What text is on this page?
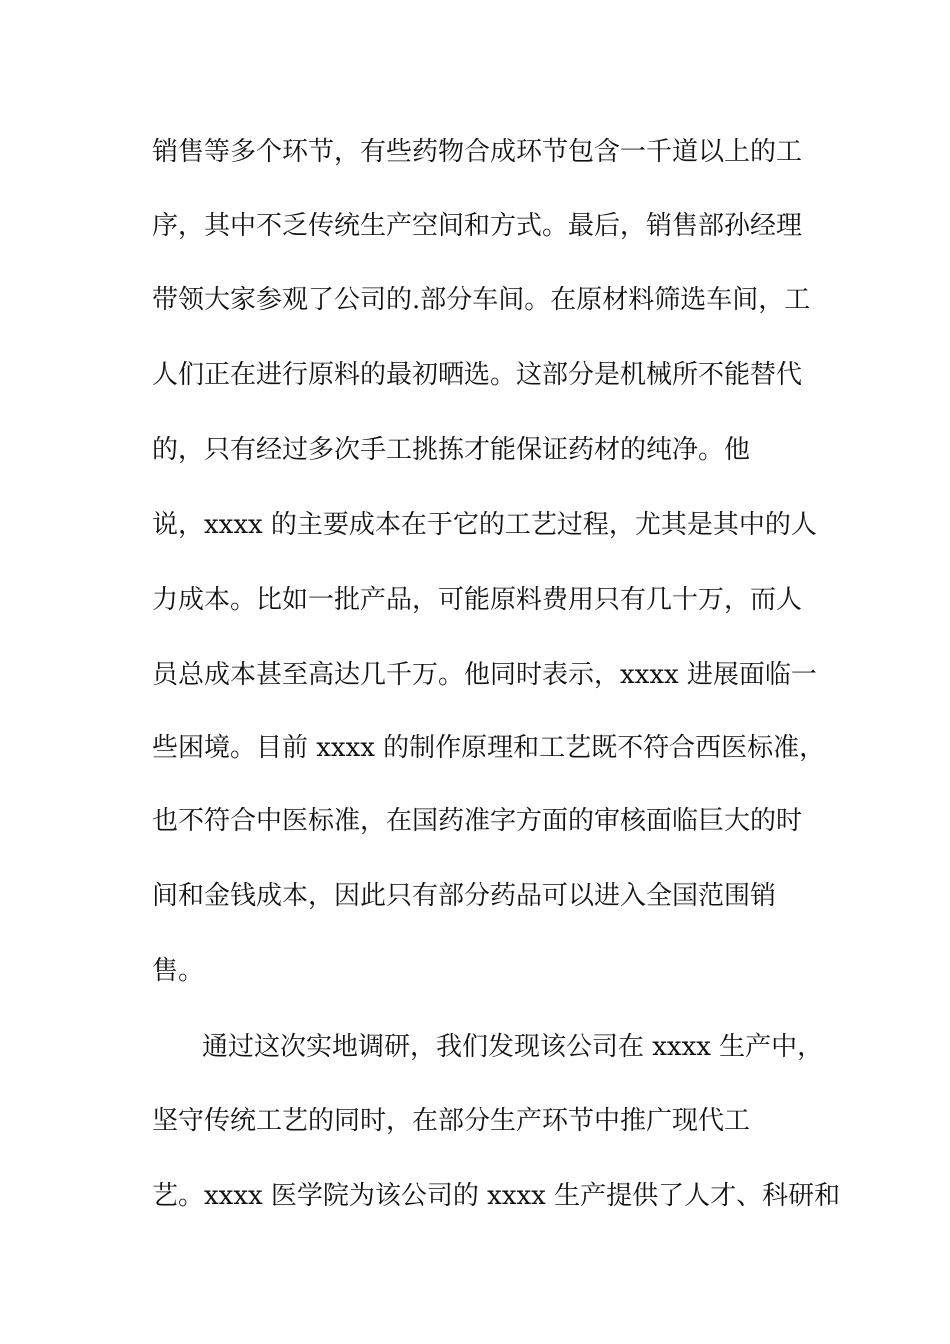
销售等多个环节，有些药物合成环节包含一千道以上的工
序，其中不乏传统生产空间和方式。最后，销售部孙经理
带领大家参观了公司的.部分车间。在原材料筛选车间，工
人们正在进行原料的最初晒选。这部分是机械所不能替代
的，只有经过多次手工挑拣才能保证药材的纯净。他
说，xxxx 的主要成本在于它的工艺过程，尤其是其中的人
力成本。比如一批产品，可能原料费用只有几十万，而人
员总成本甚至高达几千万。他同时表示，xxxx 进展面临一
些困境。目前 xxxx 的制作原理和工艺既不符合西医标准，
也不符合中医标准，在国药准字方面的审核面临巨大的时
间和金钱成本，因此只有部分药品可以进入全国范围销
售。
通过这次实地调研，我们发现该公司在 xxxx 生产中，
坚守传统工艺的同时，在部分生产环节中推广现代工
艺。xxxx 医学院为该公司的 xxxx 生产提供了人才、科研和
